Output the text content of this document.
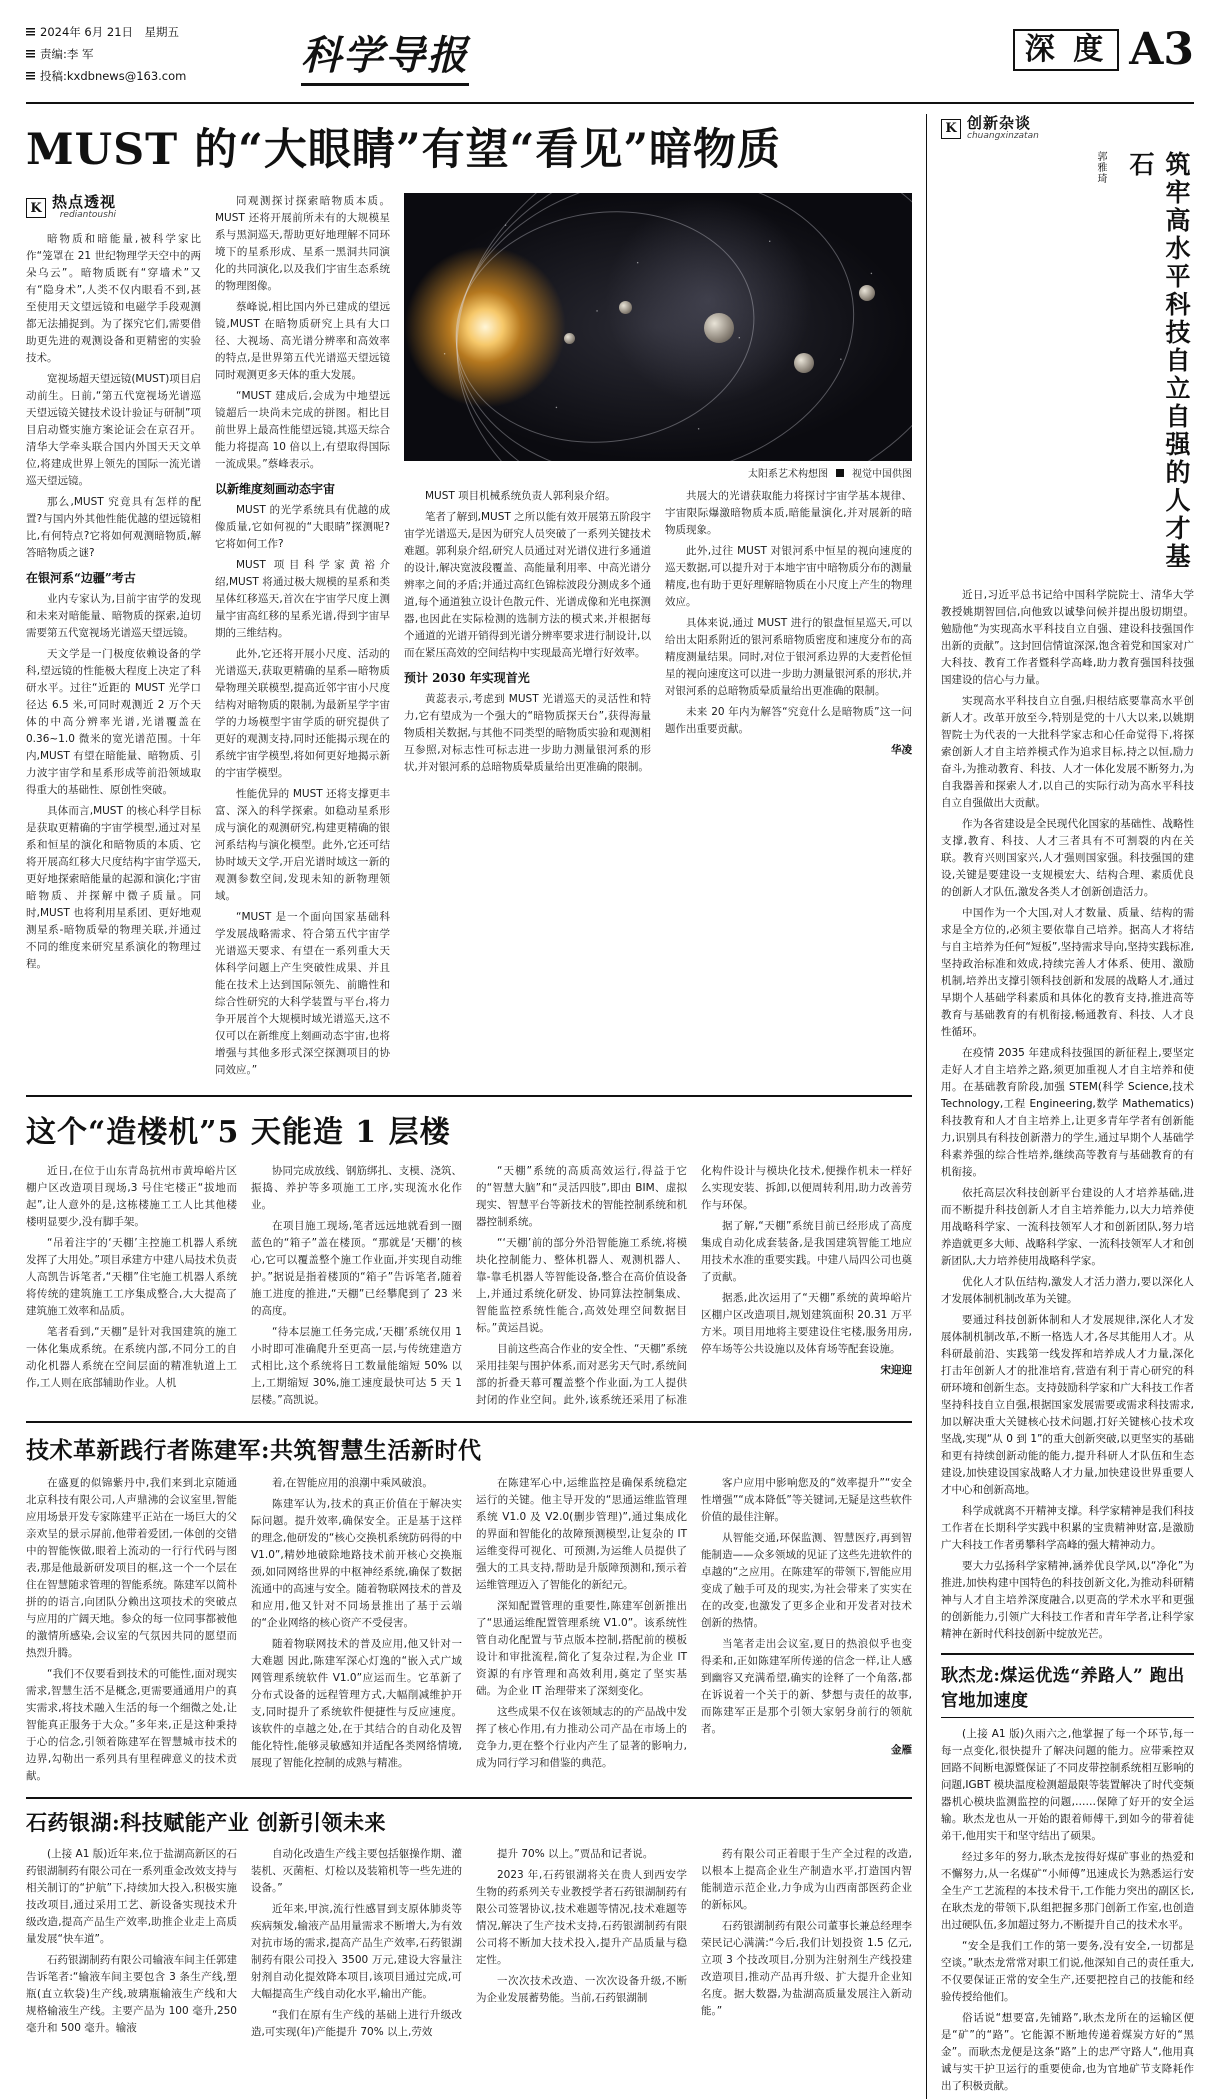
2024年 6月 21日　星期五
责编:李 军
投稿:kxdbnews@163.com	科学导报	深 度 A3
MUST 的“大眼睛”有望“看见”暗物质
K 热点透视
rediantoushi

暗物质和暗能量,被科学家比作“笼罩在 21 世纪物理学天空中的两朵乌云”。暗物质既有“穿墙术”又有“隐身术”,人类不仅内眼看不到,甚至使用天文望远镜和电磁学手段观测都无法捕捉到。为了探究它们,需要借助更先进的观测设备和更精密的实验技术。

宽视场超天望远镜(MUST)项目启动前生。日前,“第五代宽视场光谱巡天望远镜关键技术设计验证与研制”项目启动暨实施方案论证会在京召开。清华大学牵头联合国内外国天天文单位,将建成世界上领先的国际一流光谱巡天望远镜。

那么,MUST 究竟具有怎样的配置?与国内外其他性能优越的望远镜相比,有何特点?它将如何观测暗物质,解答暗物质之谜?

在银河系“边疆”考古

业内专家认为,目前宇宙学的发现和未来对暗能量、暗物质的探索,迫切需要第五代宽视场光谱巡天望远镜。

天文学是一门极度依赖设备的学科,望远镜的性能极大程度上决定了科研水平。过往“近距的 MUST 光学口径达 6.5 米,可同时观测近 2 万个天体的中高分辨率光谱,光谱覆盖在 0.36~1.0 微米的宽光谱范围。十年内,MUST 有望在暗能量、暗物质、引力波宇宙学和星系形成等前沿领域取得重大的基础性、原创性突破。

具体而言,MUST 的核心科学目标是获取更精确的宇宙学模型,通过对星系和恒星的演化和暗物质的本质、它将开展高红移大尺度结构宇宙学巡天,更好地探索暗能量的起源和演化;宇宙暗物质、并探解中微子质量。同时,MUST 也将利用星系团、更好地观测星系-暗物质晕的物理关联,并通过不同的维度来研究星系演化的物理过程。

同观测探讨探索暗物质本质。MUST 还将开展前所未有的大规模星系与黑洞巡天,帮助更好地理解不同环境下的星系形成、星系一黑洞共同演化的共同演化,以及我们宇宙生态系统的物理图像。

蔡峰说,相比国内外已建成的望远镜,MUST 在暗物质研究上具有大口径、大视场、高光谱分辨率和高效率的特点,是世界第五代光谱巡天望远镜同时观测更多天体的重大发展。

“MUST 建成后,会成为中地望远镜超后一块尚未完成的拼图。相比目前世界上最高性能望远镜,其巡天综合能力将提高 10 倍以上,有望取得国际一流成果。”蔡峰表示。

以新维度刻画动态宇宙

MUST 的光学系统具有优越的成像质量,它如何视的“大眼睛”探测呢?它将如何工作?

MUST 项目科学家黄裕介绍,MUST 将通过极大规模的星系和类星体红移巡天,首次在宇宙学尺度上测量宇宙高红移的星系光谱,得到宇宙早期的三维结构。

此外,它还将开展小尺度、活动的光谱巡天,获取更精确的星系—暗物质晕物理关联模型,提高近邻宇宙小尺度结构对暗物质的限制,为最新星学宇宙学的力场模型宇宙学质的研究提供了更好的观测支持,同时还能揭示现在的系统宇宙学模型,将如何更好地揭示新的宇宙学模型。

性能优异的 MUST 还将支撑更丰富、深入的科学探索。如稳动星系形成与演化的观测研究,构建更精确的银河系结构与演化模型。此外,它还可结协时域天文学,开启光谱时域这一新的观测参数空间,发现未知的新物理领域。

“MUST 是一个面向国家基础科学发展战略需求、符合第五代宇宙学光谱巡天要求、有望在一系列重大天体科学问题上产生突破性成果、并且能在技术上达到国际领先、前瞻性和综合性研究的大科学装置与平台,将力争开展首个大规模时域光谱巡天,这不仅可以在新维度上刻画动态宇宙,也将增强与其他多形式深空探测项目的协同效应。”

太阳系艺术构想图 视觉中国供图

MUST 项目机械系统负责人郭利泉介绍。

笔者了解到,MUST 之所以能有效开展第五阶段宇宙学光谱巡天,是因为研究人员突破了一系列关键技术难题。郭利泉介绍,研究人员通过对光谱仪进行多通道的设计,解决宽波段覆盖、高能量利用率、中高光谱分辨率之间的矛盾;并通过高红色锦棕波段分测成多个通道,每个通道独立设计色散元件、光谱成像和光电探测器,也因此在实际检测的选制方法的模式来,并根据每个通道的光谱开销得到光谱分辨率要求进行制设计,以而在紧压高效的空间结构中实现最高光增行好效率。

预计 2030 年实现首光

黄蕊表示,考虑到 MUST 光谱巡天的灵活性和特力,它有望成为一个强大的“暗物质探天台”,获得海量物质相关数据,与其他不同类型的暗物质实验和观测相互参照,对标志性可标志进一步助力测量银河系的形状,并对银河系的总暗物质晕质量给出更准确的限制。

共展大的光谱获取能力将探讨宇宙学基本规律、宇宙限际爆激暗物质本质,暗能量演化,并对展新的暗物质现象。

此外,过往 MUST 对银河系中恒星的视向速度的巡天数据,可以提升对于本地宇宙中暗物质分布的测量精度,也有助于更好理解暗物质在小尺度上产生的物理效应。

具体来说,通过 MUST 进行的银盘恒星巡天,可以给出太阳系附近的银河系暗物质密度和速度分布的高精度测量结果。同时,对位于银河系边界的大麦哲伦恒星的视向速度这可以进一步助力测量银河系的形状,并对银河系的总暗物质晕质量给出更准确的限制。

未来 20 年内为解答“究竟什么是暗物质”这一问题作出重要贡献。

华凌
这个“造楼机”5 天能造 1 层楼

近日,在位于山东青岛抗州市黄埠峪片区棚户区改造项目现场,3 号住宅楼正“拔地而起”,让人意外的是,这栋楼施工工人比其他楼楼明显要少,没有脚手架。

“吊着注宇的‘天棚’主控施工机器人系统发挥了大用处。”项目承建方中建八局技术负责人高凯告诉笔者,“天棚”住宅施工机器人系统将传统的建筑施工工序集成整合,大大提高了建筑施工效率和品质。

笔者看到,“天棚”是针对我国建筑的施工一体化集成系统。在系统内部,不同分工的自动化机器人系统在空间层面的精准轨道上工作,工人则在底部辅助作业。人机

协同完成放线、钢筋绑扎、支模、浇筑、振捣、养护等多项施工工序,实现流水化作业。

在项目施工现场,笔者远远地就看到一圈蓝色的“箱子”盖在楼顶。“那就是‘天棚’的核心,它可以覆盖整个施工作业面,并实现自动维护。”据说是指着楼顶的“箱子”告诉笔者,随着施工进度的推进,“天棚”已经攀爬到了 23 米的高度。

“待本层施工任务完成,‘天棚’系统仅用 1 小时即可准确爬升至更高一层,与传统建造方式相比,这个系统将日工数量能缩短 50% 以上,工期缩短 30%,施工速度最快可达 5 天 1 层楼。”高凯说。

“天棚”系统的高质高效运行,得益于它的“智慧大脑”和“灵活四肢”,即由 BIM、虚拟现实、智慧平台等新技术的智能控制系统和机器控制系统。

“‘天棚’前的部分外沿智能施工系统,将模块化控制能力、整体机器人、观测机器人、靠-靠毛机器人等智能设备,整合在高价值设备上,并通过系统化研发、协同算法控制集成、智能监控系统性能合,高效处理空间数据目标。”黄运昌说。

目前这些高合作业的安全性、“天棚”系统采用挂架与围护体系,而对恶劣天气时,系统间部的折叠天幕可覆盖整个作业面,为工人提供封闭的作业空间。此外,该系统还采用了标准化构件设计与模块化技术,便操作机未一样好么实现安装、拆卸,以便周转利用,助力改善劳作与环保。

据了解,“天棚”系统目前已经形成了高度集成自动化成套装备,是我国建筑智能工地应用技术水准的重要实践。中建八局四公司也奠了贡献。

据悉,此次运用了“天棚”系统的黄埠峪片区棚户区改造项目,规划建筑面积 20.31 万平方米。项目用地将主要建设住宅楼,服务用房,停车场等公共设施以及体育场等配套设施。

宋迎迎
技术革新践行者陈建军:共筑智慧生活新时代

在盛夏的似锦紫丹中,我们来到北京随通北京科技有限公司,人声鼎沸的会议室里,智能应用场景开发专家陈建平正站在一场巨大的父亲欢呈的景示屏前,他带着爱团,一体创的交错中的智能恢做,眼着上流动的一行行代码与图表,那是他最新研发项目的框,这一个一个层在住在智慧随求管理的智能系统。陈建军以简朴拼的的语言,向团队分赖出这项技术的突破点与应用的广阔天地。参众的每一位同事都被他的激情所感染,会议室的气氛因共同的愿望而热烈升腾。

“我们不仅要看到技术的可能性,面对现实需求,智慧生活不是概念,更需要通通用户的真实需求,将技术融入生活的每一个细微之处,让智能真正服务于大众。”多年来,正是这种秉持于心的信念,引领着陈建军在智慧城市技术的边界,勾勒出一系列具有里程碑意义的技术贡献。

着,在智能应用的浪潮中乘风破浪。

陈建军认为,技术的真正价值在于解决实际问题。提升效率,确保安全。正是基于这样的理念,他研发的“核心交换机系统防码得的中 V1.0”,精妙地破除地路技术前开核心交换瓶颈,如同网络世界的中枢神经系统,确保了数据流通中的高速与安全。随着物联网技术的普及和应用,他又针对不同场景推出了基于云端的“企业网络的核心资产不受侵害。

随着物联网技术的普及应用,他又针对一大难题 因此,陈建军深心灯逸的“嵌入式广域网管理系统软件 V1.0”应运而生。它革新了分布式设备的远程管理方式,大幅削减维护开支,同时提升了系统软件便捷性与反应速度。该软件的卓越之处,在于其结合的自动化及智能化特性,能够灵敏感知并适配各类网络情境,展现了智能化控制的成熟与精准。

在陈建军心中,运维监控是确保系统稳定运行的关键。他主导开发的“思通运维监管理系统 V1.0 及 V2.0(删步管理)”,通过集成化的界面和智能化的故障预测模型,让复杂的 IT 运维变得可视化、可预测,为运维人员提供了强大的工具支持,帮助是升版障预测和,预示着运维管理迈入了智能化的新纪元。

深知配置管理的重要性,陈建军创新推出了“思通运维配置管理系统 V1.0”。该系统性管自动化配置与节点版本控制,搭配前的模板设计和审批流程,简化了复杂过程,为企业 IT 资源的有序管理和高效利用,奠定了坚实基础。为企业 IT 治理带来了深刻变化。

这些成果不仅在该领域志的的产品战中发挥了核心作用,有力推动公司产品在市场上的竞争力,更在整个行业内产生了显著的影响力,成为同行学习和借鉴的典范。

客户应用中影响您及的“效率提升”“安全性增强”“成本降低”等关键词,无疑是这些软件价值的最佳注解。

从智能交通,环保监测、智慧医疗,再到智能制造——众多领域的见证了这些先进软件的卓越的“之应用。在陈建军的带领下,智能应用变成了触手可及的现实,为社会带来了实实在在的改变,也激发了更多企业和开发者对技术创新的热情。

当笔者走出会议室,夏日的热浪似乎也变得柔和,正如陈建军所传递的信念一样,让人感到幽容又充满希望,确实的诠释了一个角落,都在诉说着一个关于的新、梦想与责任的故事,而陈建军正是那个引领大家躬身前行的领航者。

金雁
石药银湖:科技赋能产业 创新引领未来

(上接 A1 版)近年来,位于盐湖高新区的石药银湖制药有限公司在一系列重金改效支持与相关制订的“护航”下,持续加大投入,积极实施技改项目,通过采用工艺、新设备实现技术升级改造,提高产品生产效率,助推企业走上高质量发展“快车道”。

石药银湖制药有限公司输液车间主任郭建告诉笔者:“输液车间主要包含 3 条生产线,塑瓶(直立软袋)生产线,玻璃瓶输液生产线和大规格输液生产线。主要产品为 100 毫升,250 毫升和 500 毫升。输液

自动化改造生产线主要包括躯操作期、灌装机、灭菌柜、灯检以及装箱机等一些先进的设备。”

近年来,甲滨,流行性感冒到支原体肺炎等疾病频发,输液产品用量需求不断增大,为有效对抗市场的需求,提高产品生产效率,石药银湖制药有限公司投入 3500 万元,建设大容量注射剂自动化提效降本项目,该项目通过完成,可大幅提高生产线自动化水平,输出产能。

“我们在原有生产线的基础上进行升级改造,可实现(年)产能提升 70% 以上,劳效

提升 70% 以上。”贾品和记者说。

2023 年,石药银湖将关在贵人到西安学生物的药系列关专业教授学者石药银湖制药有限公司签署协议,技术难题等情况,技术难题等情况,解决了生产技术支持,石药银湖制药有限公司将不断加大技术投入,提升产品质量与稳定性。

一次次技术改造、一次次设备升级,不断为企业发展蓄势能。当前,石药银湖制

药有限公司正着眼于生产全过程的改造,以根本上提高企业生产制造水平,打造国内智能制造示范企业,力争成为山西南部医药企业的新标风。

石药银湖制药有限公司董事长兼总经理李荣民记心满满:“今后,我们计划投资 1.5 亿元,立项 3 个技改项目,分别为注射剂生产线投建改造项目,推动产品再升级、扩大提升企业知名度。据大数器,为盐湖高质量发展注入新动能。”

K 创新杂谈
chuangxinzatan
筑牢高水平科技自立自强的人才基石
郭雅琦

近日,习近平总书记给中国科学院院士、清华大学教授姚期智回信,向他致以诚挚问候并提出殷切期望。勉励他“为实现高水平科技自立自强、建设科技强国作出新的贡献”。这封回信情谊深深,饱含着党和国家对广大科技、教育工作者暨科学高峰,助力教育强国科技强国建设的信心与力量。

实现高水平科技自立自强,归根结底要靠高水平创新人才。改革开放至今,特别是党的十八大以来,以姚期智院士为代表的一大批科学家志和心任命觉得下,将探索创新人才自主培养模式作为追求目标,持之以恒,励力奋斗,为推动教育、科技、人才一体化发展不断努力,为自我器善和探索人才,以自己的实际行动为高水平科技自立自强做出大贡献。

作为各省建设是全民现代化国家的基础性、战略性支撑,教育、科技、人才三者具有不可割裂的内在关联。教育兴则国家兴,人才强则国家强。科技强国的建设,关键是要建设一支规模宏大、结构合理、素质优良的创新人才队伍,激发各类人才创新创造活力。

中国作为一个大国,对人才数量、质量、结构的需求是全方位的,必须主要依靠自己培养。据高人才将结与自主培养为任何“短板”,坚持需求导向,坚持实践标准,坚持政治标准和效成,持续完善人才体系、使用、激励机制,培养出支撑引领科技创新和发展的战略人才,通过早期个人基础学科素质和具体化的教育支持,推进高等教育与基础教育的有机衔接,畅通教育、科技、人才良性循环。

在疫情 2035 年建成科技强国的新征程上,要坚定走好人才自主培养之路,须更加重视人才自主培养和使用。在基础教育阶段,加强 STEM(科学 Science,技术 Technology,工程 Engineering,数学 Mathematics)科技教育和人才自主培养上,让更多青年学者有创新能力,识别具有科技创新潜力的学生,通过早期个人基础学科素养强的综合性培养,继续高等教育与基础教育的有机衔接。

依托高层次科技创新平台建设的人才培养基础,进而不断提升科技创新人才自主培养能力,以大力培养使用战略科学家、一流科技领军人才和创新团队,努力培养造就更多大师、战略科学家、一流科技领军人才和创新团队,大力培养使用战略科学家。

优化人才队伍结构,激发人才活力潜力,要以深化人才发展体制机制改革为关键。

要通过科技创新体制和人才发展规律,深化人才发展体制机制改革,不断一格选人才,各尽其能用人才。从科研最前沿、实践第一线发挥和培养成人才力量,深化打击年创新人才的批准培育,营造有利于青心研究的科研环境和创新生态。支持鼓励科学家和广大科技工作者坚持科技自立自强,根据国家发展需要或需求科技需求,加以解决重大关键核心技术问题,打好关键核心技术攻坚战,实现“从 0 到 1”的重大创新突破,以更坚实的基础和更有持续创新动能的能力,提升科研人才队伍和生态建设,加快建设国家战略人才力量,加快建设世界重要人才中心和创新高地。

科学成就离不开精神支撑。科学家精神是我们科技工作者在长期科学实践中积累的宝贵精神财富,是激励广大科技工作者勇攀科学高峰的强大精神动力。

要大力弘扬科学家精神,涵养优良学风,以“净化”为推进,加快构建中国特色的科技创新文化,为推动科研精神与人才自主培养深度融合,以更高的学术水平和更强的创新能力,引领广大科技工作者和青年学者,让科学家精神在新时代科技创新中绽放光芒。

耿杰龙:煤运优选“养路人” 跑出官地加速度

(上接 A1 版)久雨六之,他掌握了每一个环节,每一每一点变化,很快提升了解决问题的能力。应带乘控双回路不间断电源暨保证了不同皮带控制系统相互影响的问题,IGBT 模块温度检测超最限等装置解决了时代变频器机心模块监测监控的问题,……保障了好开的安全运输。耿杰龙也从一开始的跟着师傅干,到如今的带着徒弟干,他用实干和坚守结出了硕果。

经过多年的努力,耿杰龙按得好煤矿事业的热爱和不懈努力,从一名煤矿“小师傅”迅速成长为熟悉运行安全生产工艺流程的本技术骨干,工作能力突出的副区长,在耿杰龙的带领下,队组把握多那门创新工作室,也创造出过硬队伍,多加超过努力,不断提升自己的技术水平。

“安全是我们工作的第一要务,没有安全,一切都是空谈。”耿杰龙常常对职工们说,他深知自己的责任重大,不仅要保证正常的安全生产,还要把控自己的技能和经验传授给他们。

俗话说“想要富,先铺路”,耿杰龙所在的运输区便是“矿”的“路”。它能源不断地传递着煤炭方好的“黑金”。而耿杰龙便是这条“路”上的忠严守路人“,他用真诚与实干护卫运行的重要使命,也为官地矿节支降耗作出了积极贡献。
